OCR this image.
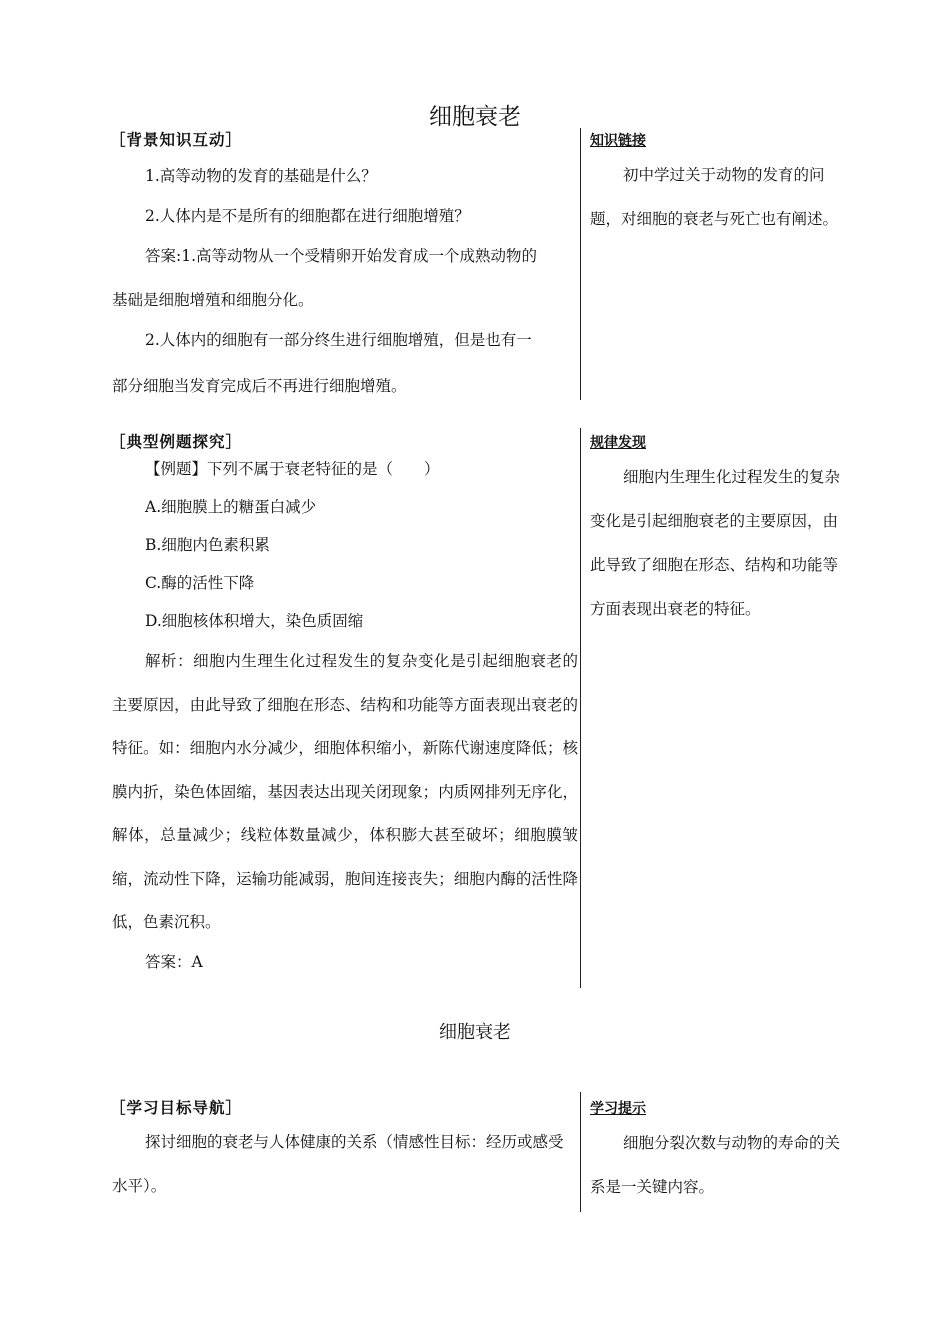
细胞衰老
［背景知识互动］

1.高等动物的发育的基础是什么？

2.人体内是不是所有的细胞都在进行细胞增殖？

答案:1.高等动物从一个受精卵开始发育成一个成熟动物的

基础是细胞增殖和细胞分化。

2.人体内的细胞有一部分终生进行细胞增殖，但是也有一

部分细胞当发育完成后不再进行细胞增殖。

知识链接

初中学过关于动物的发育的问题，对细胞的衰老与死亡也有阐述。

［典型例题探究］

【例题】下列不属于衰老特征的是（　　）

A.细胞膜上的糖蛋白减少

B.细胞内色素积累

C.酶的活性下降

D.细胞核体积增大，染色质固缩

解析：细胞内生理生化过程发生的复杂变化是引起细胞衰老的主要原因，由此导致了细胞在形态、结构和功能等方面表现出衰老的特征。如：细胞内水分减少，细胞体积缩小，新陈代谢速度降低；核膜内折，染色体固缩，基因表达出现关闭现象；内质网排列无序化，解体，总量减少；线粒体数量减少，体积膨大甚至破坏；细胞膜皱缩，流动性下降，运输功能减弱，胞间连接丧失；细胞内酶的活性降低，色素沉积。

答案：A

规律发现

细胞内生理生化过程发生的复杂变化是引起细胞衰老的主要原因，由此导致了细胞在形态、结构和功能等方面表现出衰老的特征。

细胞衰老
［学习目标导航］

探讨细胞的衰老与人体健康的关系（情感性目标：经历或感受水平）。

学习提示

细胞分裂次数与动物的寿命的关系是一关键内容。
